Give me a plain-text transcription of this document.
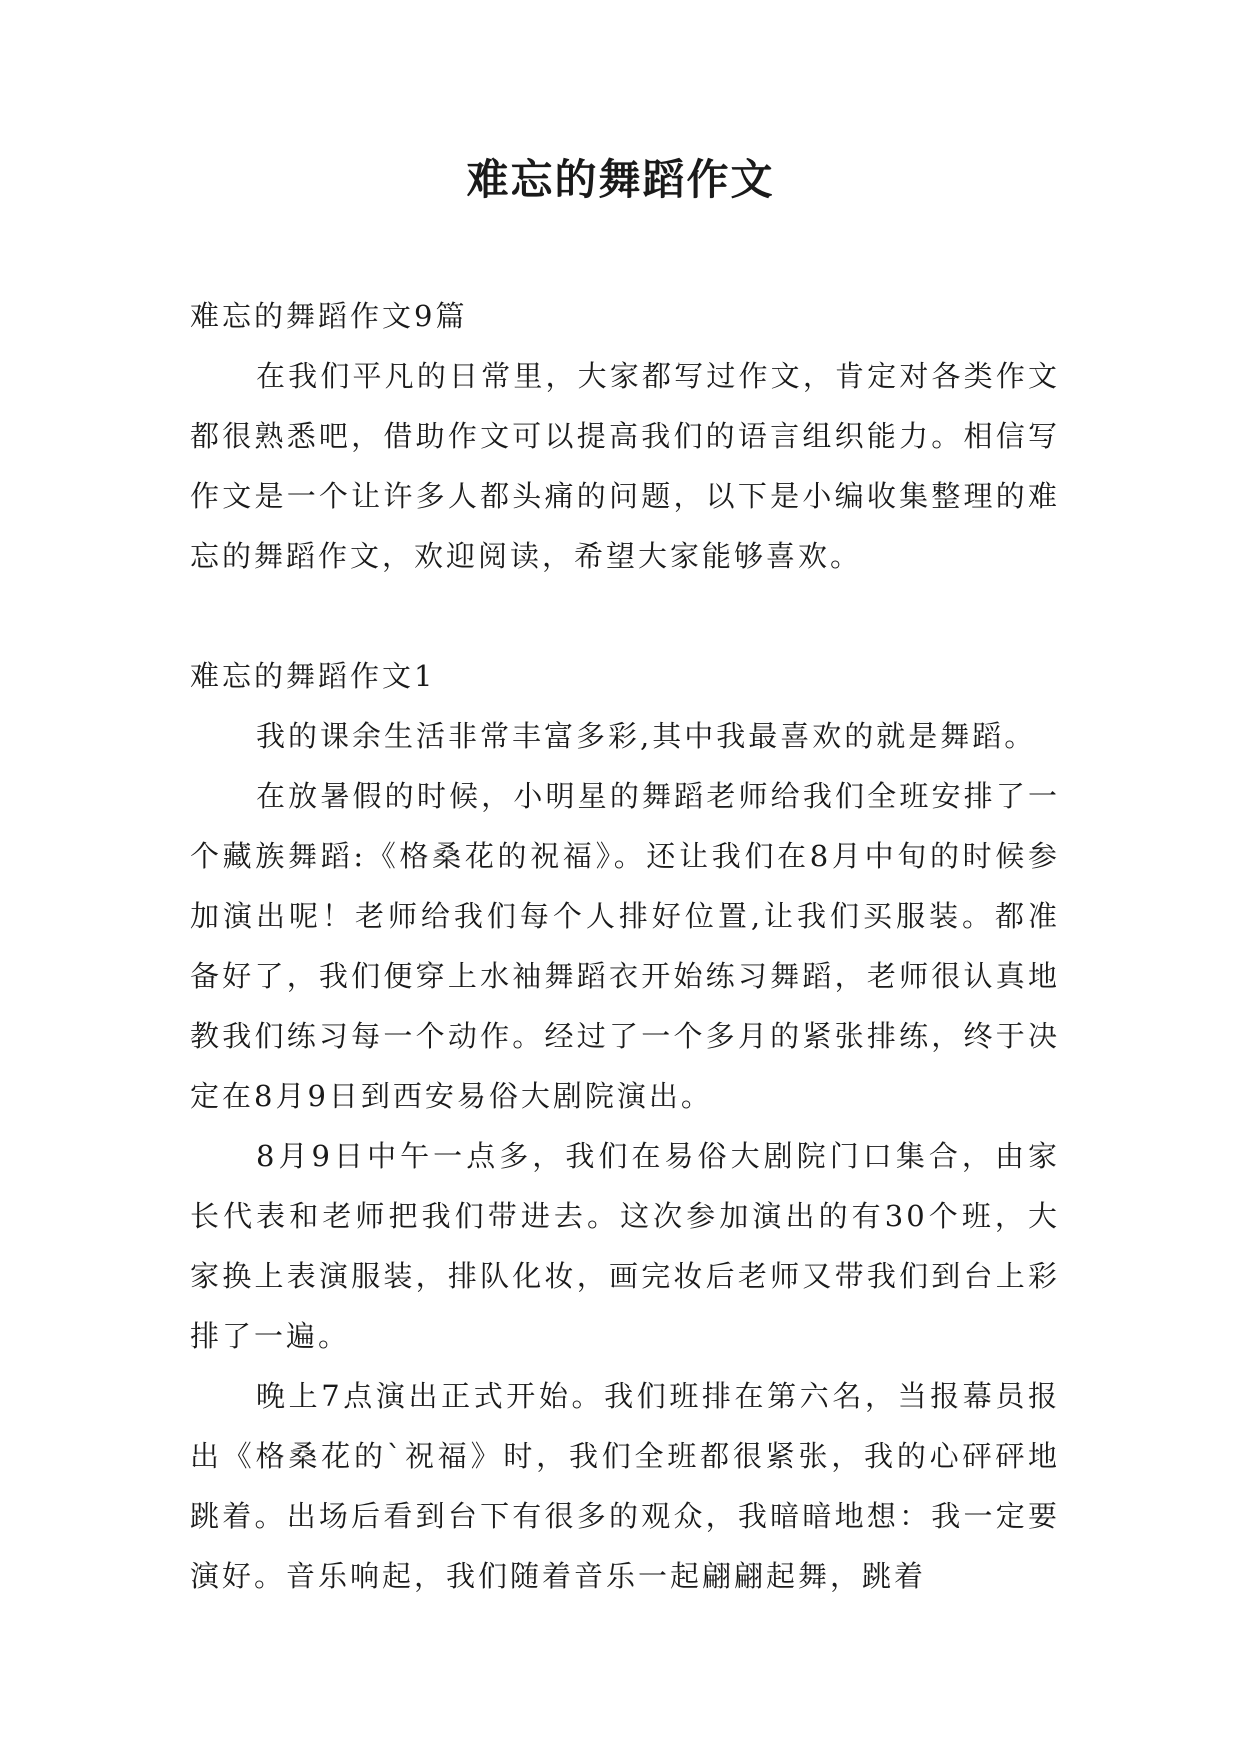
难忘的舞蹈作文

难忘的舞蹈作文9篇

在我们平凡的日常里，大家都写过作文，肯定对各类作文都很熟悉吧，借助作文可以提高我们的语言组织能力。相信写作文是一个让许多人都头痛的问题，以下是小编收集整理的难忘的舞蹈作文，欢迎阅读，希望大家能够喜欢。

难忘的舞蹈作文1

我的课余生活非常丰富多彩,其中我最喜欢的就是舞蹈。

在放暑假的时候，小明星的舞蹈老师给我们全班安排了一个藏族舞蹈:《格桑花的祝福》。还让我们在8月中旬的时候参加演出呢！老师给我们每个人排好位置,让我们买服装。都准备好了，我们便穿上水袖舞蹈衣开始练习舞蹈，老师很认真地教我们练习每一个动作。经过了一个多月的紧张排练，终于决定在8月9日到西安易俗大剧院演出。

8月9日中午一点多，我们在易俗大剧院门口集合，由家长代表和老师把我们带进去。这次参加演出的有30个班，大家换上表演服装，排队化妆，画完妆后老师又带我们到台上彩排了一遍。

晚上7点演出正式开始。我们班排在第六名，当报幕员报出《格桑花的`祝福》时，我们全班都很紧张，我的心砰砰地跳着。出场后看到台下有很多的观众，我暗暗地想：我一定要演好。音乐响起，我们随着音乐一起翩翩起舞，跳着
